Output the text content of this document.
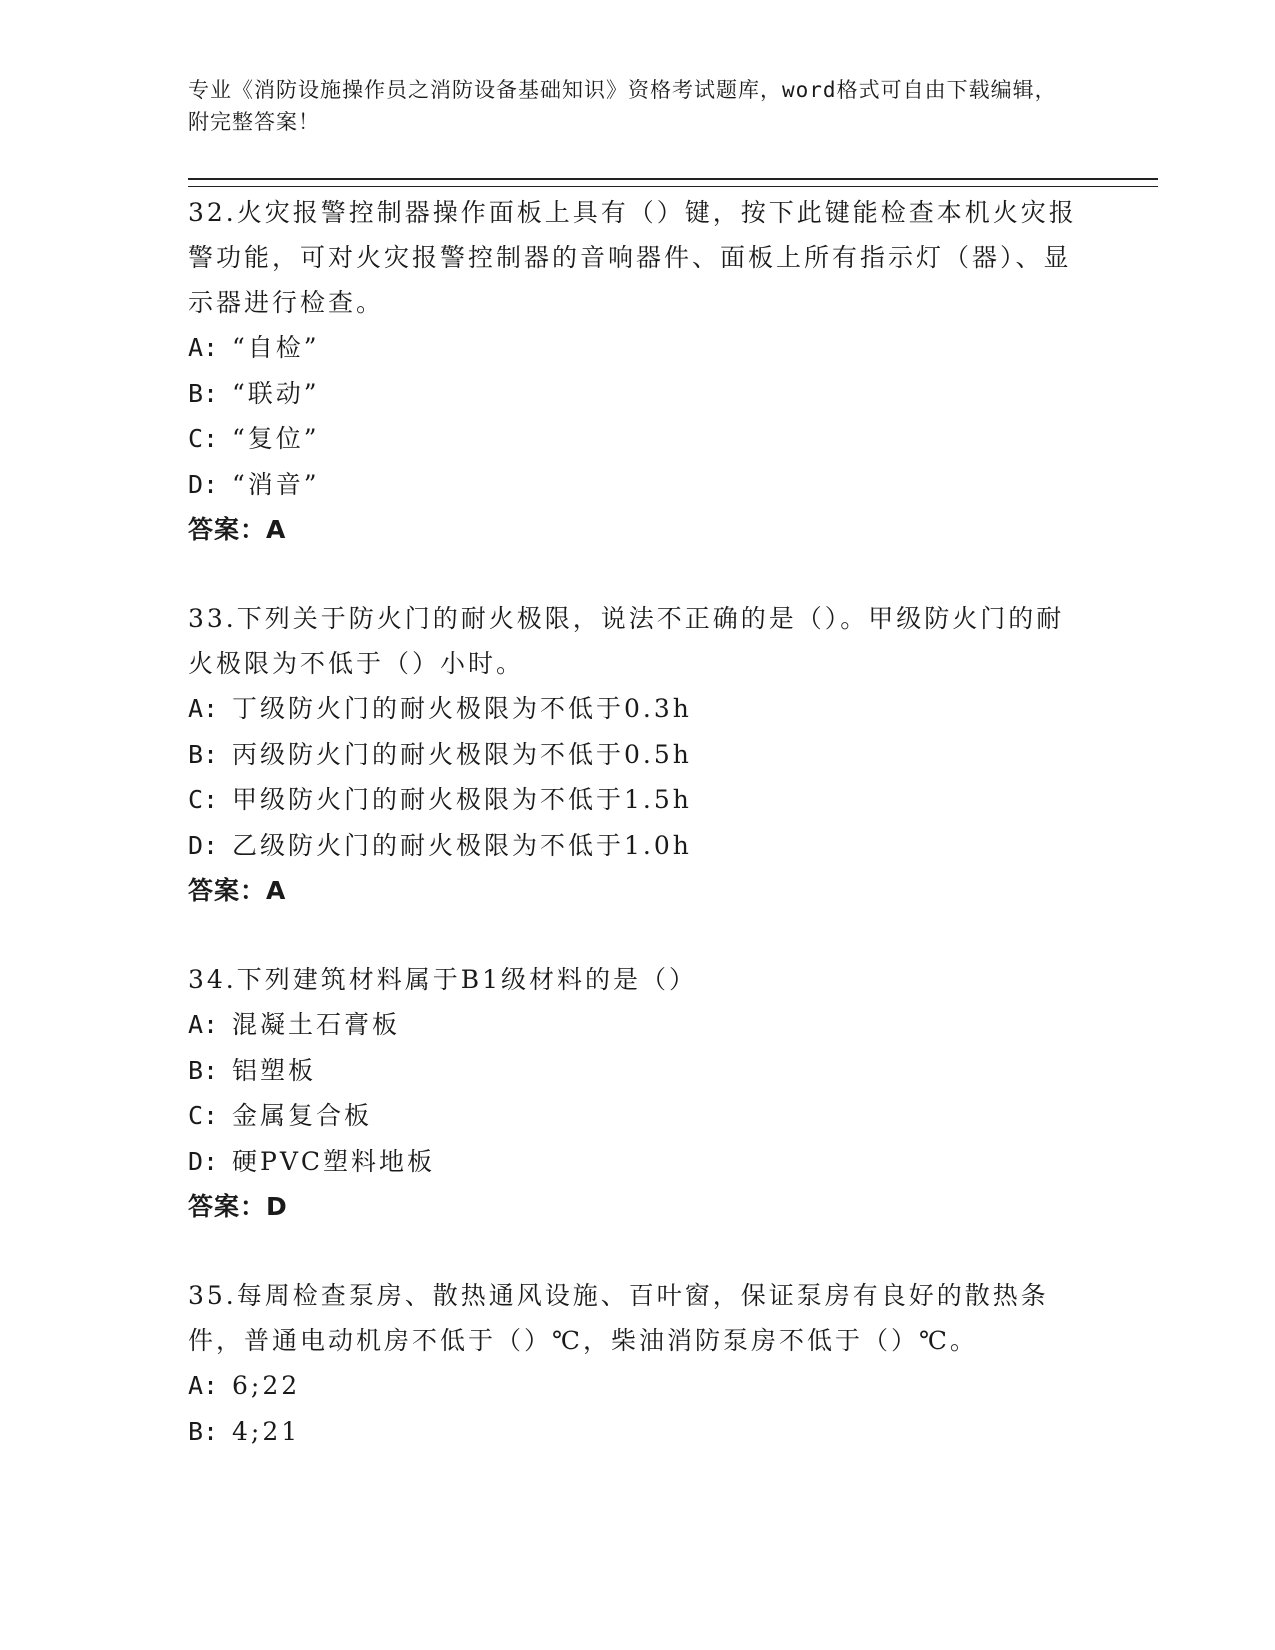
专业《消防设施操作员之消防设备基础知识》资格考试题库，word格式可自由下载编辑，附完整答案！
32.火灾报警控制器操作面板上具有（）键，按下此键能检查本机火灾报警功能，可对火灾报警控制器的音响器件、面板上所有指示灯（器）、显示器进行检查。
A: “自检”
B: “联动”
C: “复位”
D: “消音”
答案：A
33.下列关于防火门的耐火极限，说法不正确的是（）。甲级防火门的耐火极限为不低于（）小时。
A: 丁级防火门的耐火极限为不低于0.3h
B: 丙级防火门的耐火极限为不低于0.5h
C: 甲级防火门的耐火极限为不低于1.5h
D: 乙级防火门的耐火极限为不低于1.0h
答案：A
34.下列建筑材料属于B1级材料的是（）
A: 混凝土石膏板
B: 铝塑板
C: 金属复合板
D: 硬PVC塑料地板
答案：D
35.每周检查泵房、散热通风设施、百叶窗，保证泵房有良好的散热条件，普通电动机房不低于（）℃，柴油消防泵房不低于（）℃。
A: 6;22
B: 4;21
